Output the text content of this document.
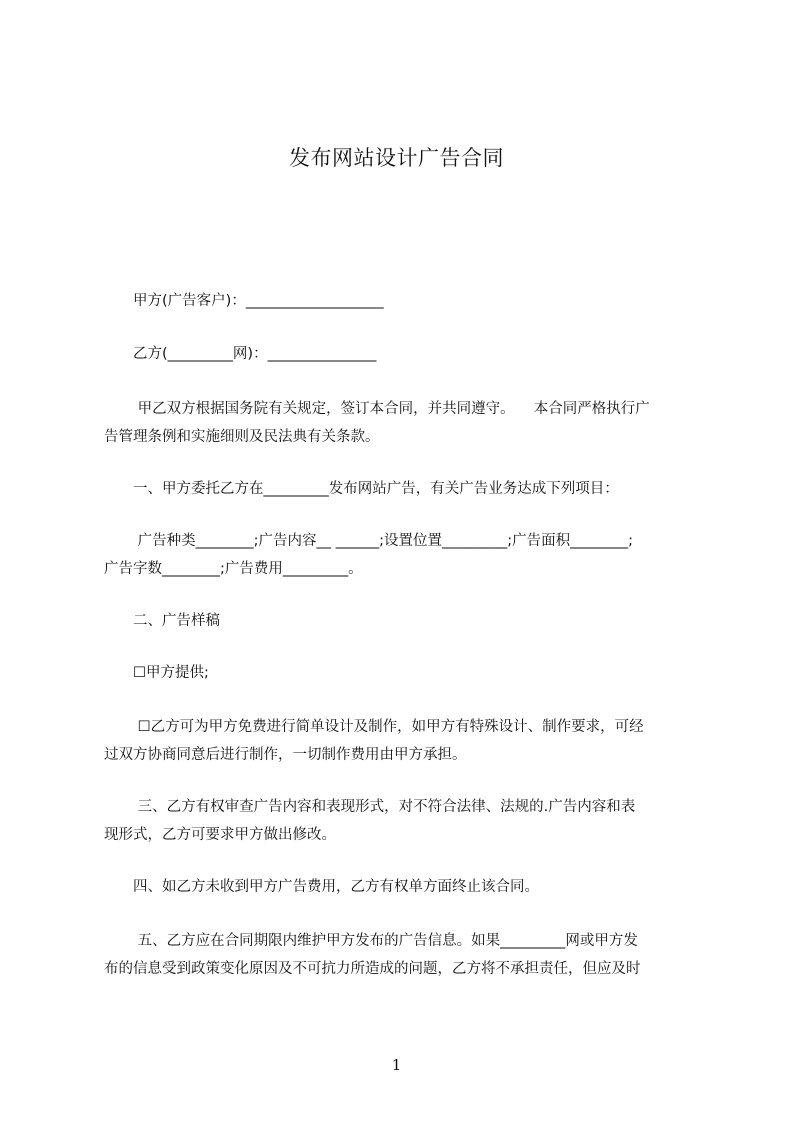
发布网站设计广告合同
　　甲方(广告客户)：___________________
　　乙方(_________网)：_______________
　　 甲乙双方根据国务院有关规定，签订本合同，并共同遵守。 　本合同严格执行广
告管理条例和实施细则及民法典有关条款。
　　一、甲方委托乙方在_________发布网站广告，有关广告业务达成下列项目：
　　 广告种类________;广告内容__ ______;设置位置_________;广告面积________;
广告字数________;广告费用_________。
　　二、广告样稿
　　☐甲方提供;
　　 ☐乙方可为甲方免费进行简单设计及制作，如甲方有特殊设计、制作要求，可经
过双方协商同意后进行制作，一切制作费用由甲方承担。
　　 三、乙方有权审查广告内容和表现形式，对不符合法律、法规的.广告内容和表
现形式，乙方可要求甲方做出修改。
　　四、如乙方未收到甲方广告费用，乙方有权单方面终止该合同。
　　 五、乙方应在合同期限内维护甲方发布的广告信息。如果_________网或甲方发
布的信息受到政策变化原因及不可抗力所造成的问题，乙方将不承担责任，但应及时
1
